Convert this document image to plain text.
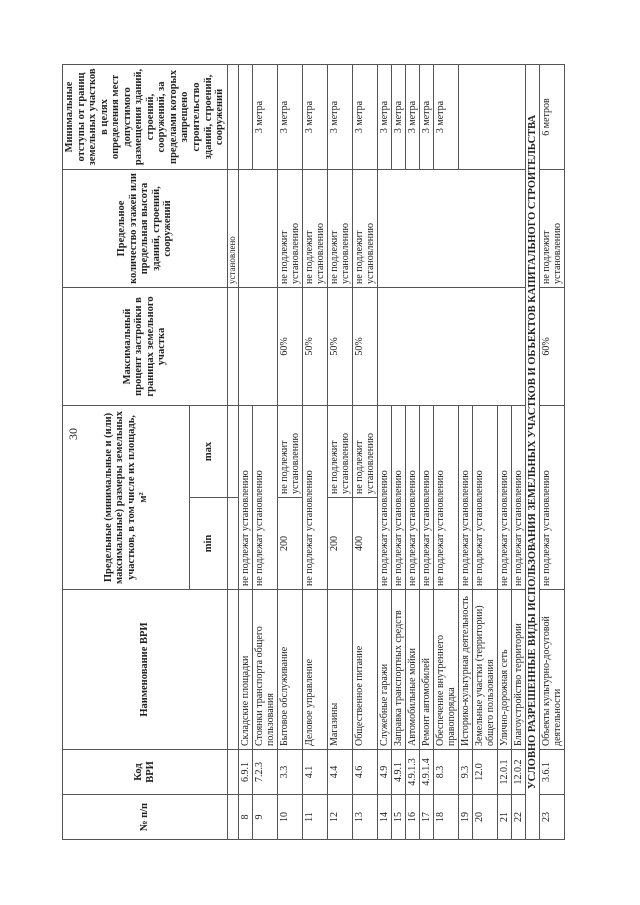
30
№ п/п	Код ВРИ	Наименование ВРИ	Предельные (минимальные и (или) максимальные) размеры земельных участков, в том числе их площадь, м²		Максимальный процент застройки в границах земельного участка	Предельное количество этажей или предельная высота зданий, строений, сооружений	Минимальные отступы от границ земельных участков в целях определения мест допустимого размещения зданий, строений, сооружений, за пределами которых запрещено строительство зданий, строений, сооружений
			min	max			
						установлено	
8	6.9.1	Складские площадки	не подлежат установлению				
9	7.2.3	Стоянки транспорта общего пользования	не подлежат установлению				3 метра
10	3.3	Бытовое обслуживание	200	не подлежит установлению	60%	не подлежит установлению	3 метра
11	4.1	Деловое управление	не подлежат установлению		50%	не подлежит установлению	3 метра
12	4.4	Магазины	200	не подлежит установлению	50%	не подлежит установлению	3 метра
13	4.6	Общественное питание	400	не подлежит установлению	50%	не подлежит установлению	3 метра
14	4.9	Служебные гаражи	не подлежат установлению				3 метра
15	4.9.1	Заправка транспортных средств	не подлежат установлению				3 метра
16	4.9.1.3	Автомобильные мойки	не подлежат установлению				3 метра
17	4.9.1.4	Ремонт автомобилей	не подлежат установлению				3 метра
18	8.3	Обеспечение внутреннего правопорядка	не подлежат установлению				3 метра
19	9.3	Историко-культурная деятельность	не подлежат установлению				
20	12.0	Земельные участки (территории) общего пользования	не подлежат установлению				
21	12.0.1	Улично-дорожная сеть	не подлежат установлению				
22	12.0.2	Благоустройство территории	не подлежат установлению				
УСЛОВНО РАЗРЕШЕННЫЕ ВИДЫ ИСПОЛЬЗОВАНИЯ ЗЕМЕЛЬНЫХ УЧАСТКОВ И ОБЪЕКТОВ КАПИТАЛЬНОГО СТРОИТЕЛЬСТВА							
23	3.6.1	Объекты культурно-досуговой деятельности	не подлежат установлению		60%	не подлежит установлению	6 метров
